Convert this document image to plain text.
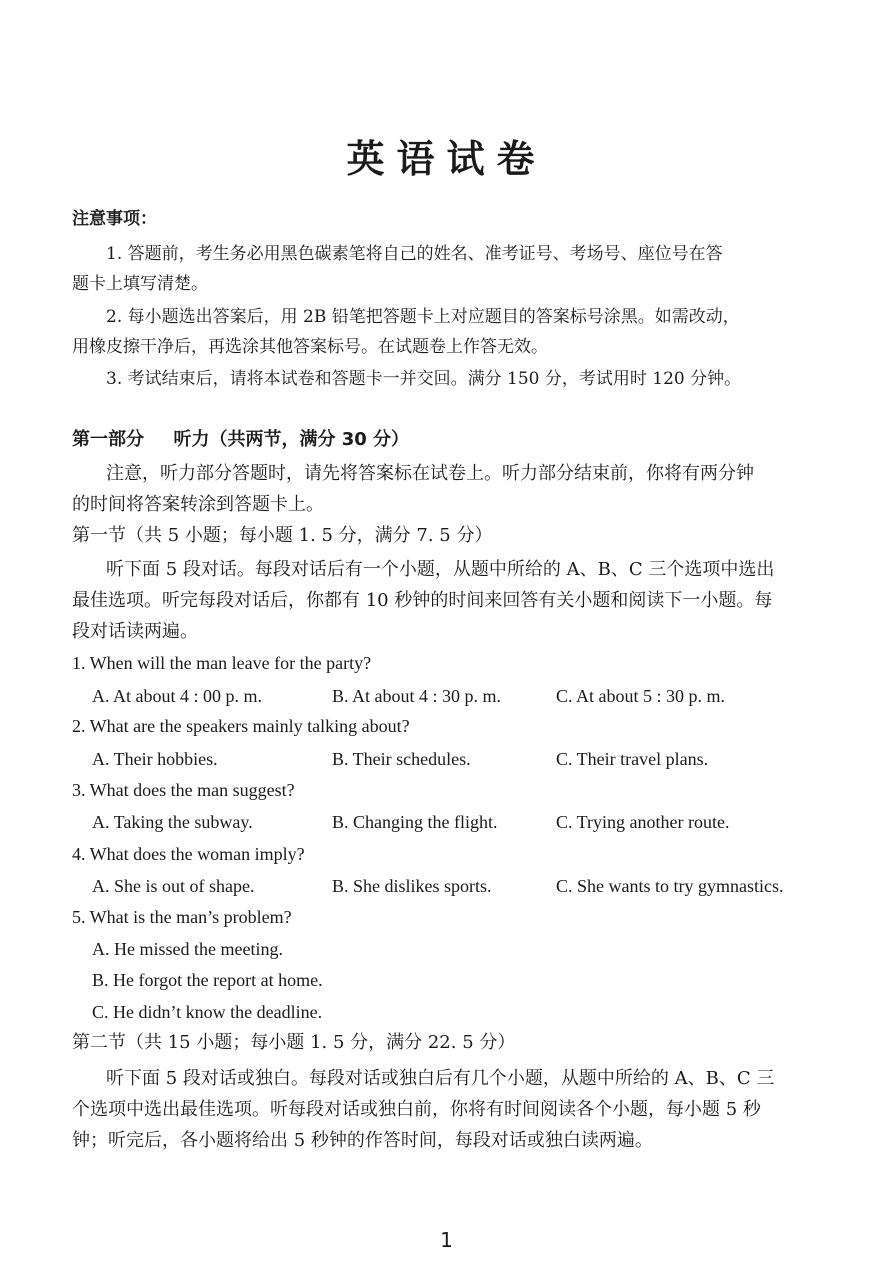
英语试卷
注意事项：
1. 答题前，考生务必用黑色碳素笔将自己的姓名、准考证号、考场号、座位号在答
题卡上填写清楚。
2. 每小题选出答案后，用 2B 铅笔把答题卡上对应题目的答案标号涂黑。如需改动，
用橡皮擦干净后，再选涂其他答案标号。在试题卷上作答无效。
3. 考试结束后，请将本试卷和答题卡一并交回。满分 150 分，考试用时 120 分钟。
第一部分 听力（共两节，满分 30 分）
注意，听力部分答题时，请先将答案标在试卷上。听力部分结束前，你将有两分钟
的时间将答案转涂到答题卡上。
第一节（共 5 小题；每小题 1. 5 分，满分 7. 5 分）
听下面 5 段对话。每段对话后有一个小题，从题中所给的 A、B、C 三个选项中选出
最佳选项。听完每段对话后，你都有 10 秒钟的时间来回答有关小题和阅读下一小题。每
段对话读两遍。
1. When will the man leave for the party?
A. At about 4 : 00 p. m.	B. At about 4 : 30 p. m.	C. At about 5 : 30 p. m.
2. What are the speakers mainly talking about?
A. Their hobbies.	B. Their schedules.	C. Their travel plans.
3. What does the man suggest?
A. Taking the subway.	B. Changing the flight.	C. Trying another route.
4. What does the woman imply?
A. She is out of shape.	B. She dislikes sports.	C. She wants to try gymnastics.
5. What is the man’s problem?
A. He missed the meeting.
B. He forgot the report at home.
C. He didn’t know the deadline.
第二节（共 15 小题；每小题 1. 5 分，满分 22. 5 分）
听下面 5 段对话或独白。每段对话或独白后有几个小题，从题中所给的 A、B、C 三
个选项中选出最佳选项。听每段对话或独白前，你将有时间阅读各个小题，每小题 5 秒
钟；听完后，各小题将给出 5 秒钟的作答时间，每段对话或独白读两遍。
1
